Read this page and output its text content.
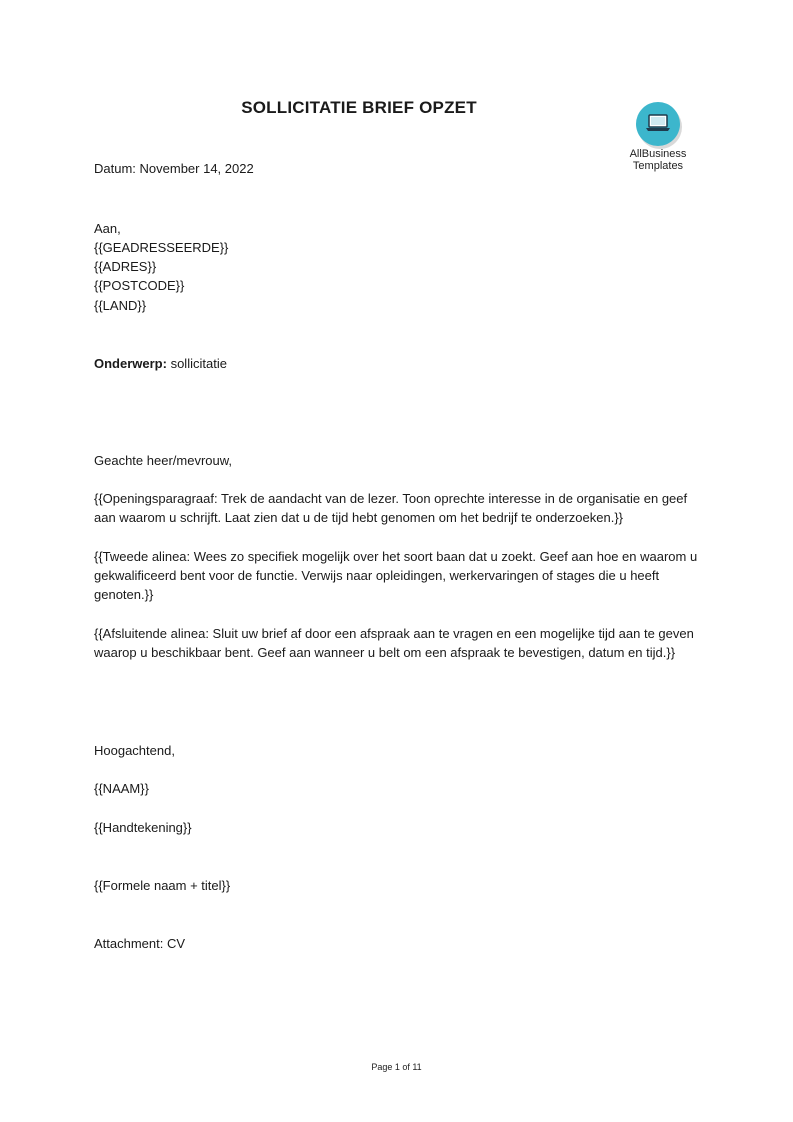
SOLLICITATIE BRIEF OPZET
AllBusiness
Templates
Datum: November 14, 2022
Aan,
{{GEADRESSEERDE}}
{{ADRES}}
{{POSTCODE}}
{{LAND}}
Onderwerp: sollicitatie
Geachte heer/mevrouw,
{{Openingsparagraaf: Trek de aandacht van de lezer. Toon oprechte interesse in de organisatie en geef aan waarom u schrijft. Laat zien dat u de tijd hebt genomen om het bedrijf te onderzoeken.}}
{{Tweede alinea: Wees zo specifiek mogelijk over het soort baan dat u zoekt. Geef aan hoe en waarom u gekwalificeerd bent voor de functie. Verwijs naar opleidingen, werkervaringen of stages die u heeft genoten.}}
{{Afsluitende alinea: Sluit uw brief af door een afspraak aan te vragen en een mogelijke tijd aan te geven waarop u beschikbaar bent. Geef aan wanneer u belt om een afspraak te bevestigen, datum en tijd.}}
Hoogachtend,
{{NAAM}}
{{Handtekening}}
{{Formele naam + titel}}
Attachment: CV
Page 1 of 11
